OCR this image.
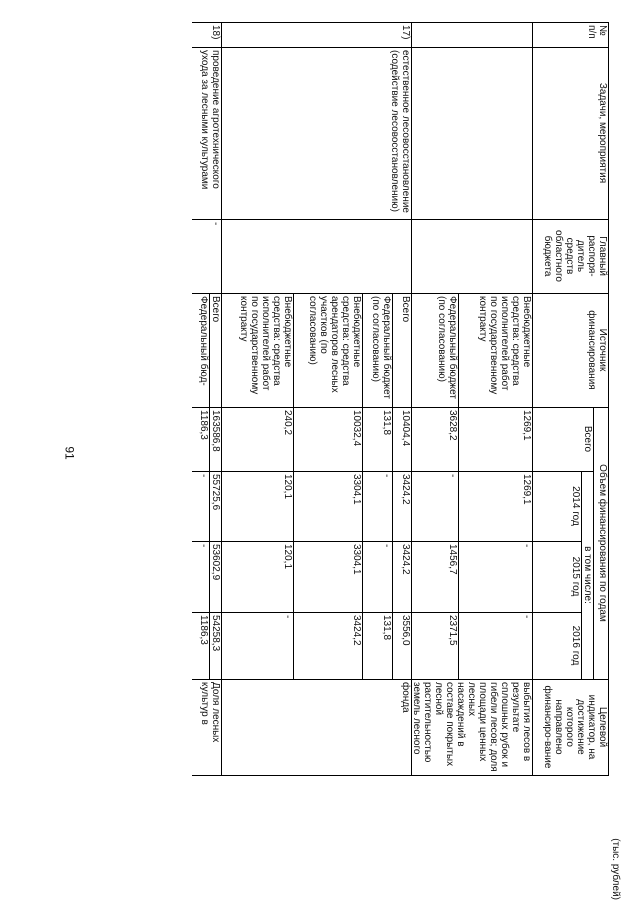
91
(тыс. рублей)
№ п/п
Задачи, мероприятия
Главный распоря-дитель средств областного бюджета
Источник финансирования
Объем финансирования по годам
Всего
в том числе:
2014 год
2015 год
2016 год
Целевой индикатор, на достижение которого направлено финансиро-вание
Внебюджетные средства: средства исполнителей работ по государственному контракту
1269,1
1269,1
-
-
выбытия лесов в результате сплошных рубок и гибели лесов; доля площади ценных лесных насаждений в составе покрытых лесной растительностью земель лесного фонда
Федеральный бюджет (по согласованию)
3628,2
-
1456,7
2371,5
17)
естественное лесовосстановление (содействие лесовосстановлению)
Всего
10404,4
3424,2
3424,2
3556,0
Федеральный бюджет (по согласованию)
131,8
-
-
131,8
Внебюджетные средства: средства арендаторов лесных участков (по согласованию)
10032,4
3304,1
3304,1
3424,2
Внебюджетные средства: средства исполнителей работ по государственному контракту
240,2
120,1
120,1
-
18)
проведение агротехнического ухода за лесными культурами
-
Всего
163586,8
55725,6
53602,9
54258,3
Доля лесных культур в
Федеральный бюд-
1186,3
-
-
1186,3
